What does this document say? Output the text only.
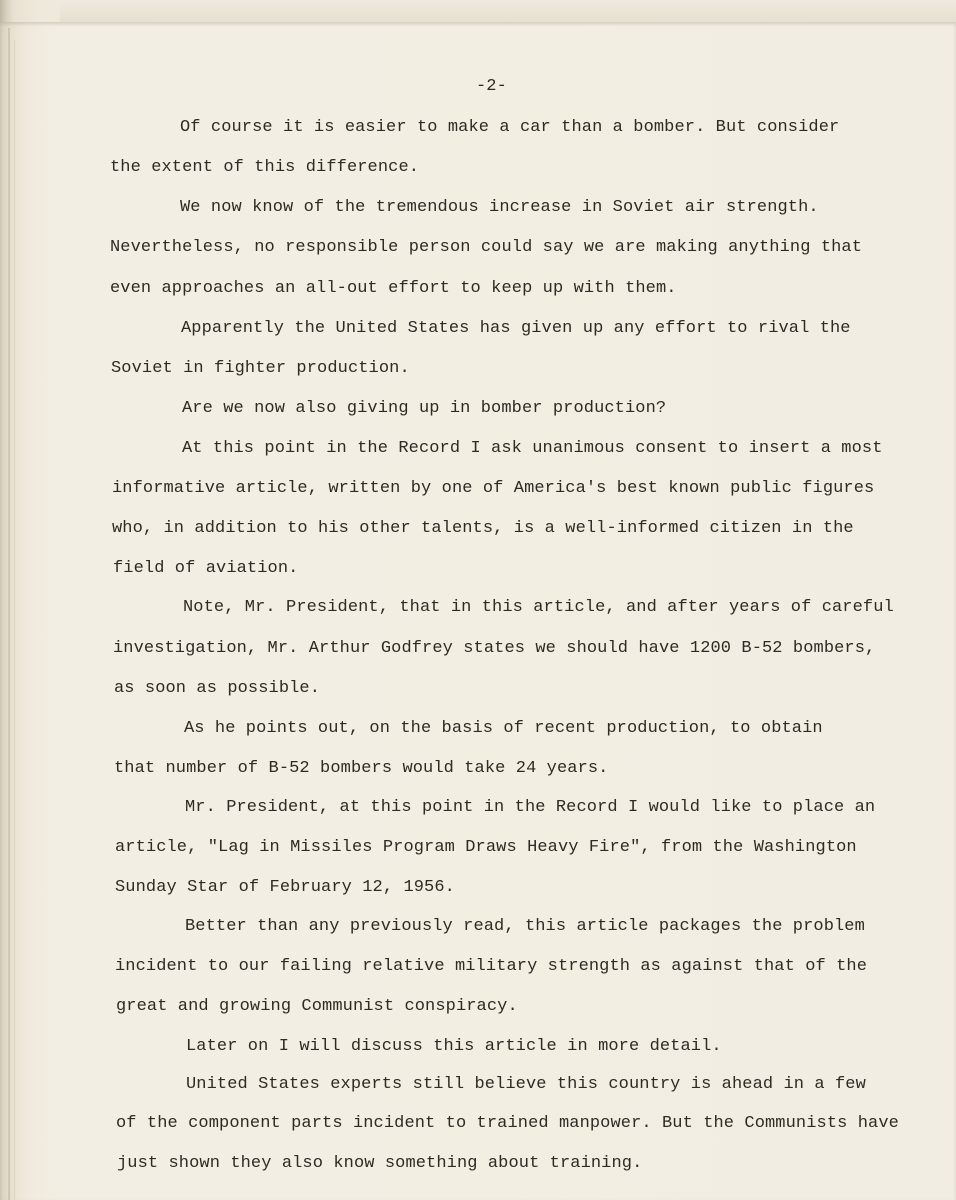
-2-
Of course it is easier to make a car than a bomber. But consider
the extent of this difference.
We now know of the tremendous increase in Soviet air strength.
Nevertheless, no responsible person could say we are making anything that
even approaches an all-out effort to keep up with them.
Apparently the United States has given up any effort to rival the
Soviet in fighter production.
Are we now also giving up in bomber production?
At this point in the Record I ask unanimous consent to insert a most
informative article, written by one of America's best known public figures
who, in addition to his other talents, is a well-informed citizen in the
field of aviation.
Note, Mr. President, that in this article, and after years of careful
investigation, Mr. Arthur Godfrey states we should have 1200 B-52 bombers,
as soon as possible.
As he points out, on the basis of recent production, to obtain
that number of B-52 bombers would take 24 years.
Mr. President, at this point in the Record I would like to place an
article, "Lag in Missiles Program Draws Heavy Fire", from the Washington
Sunday Star of February 12, 1956.
Better than any previously read, this article packages the problem
incident to our failing relative military strength as against that of the
great and growing Communist conspiracy.
Later on I will discuss this article in more detail.
United States experts still believe this country is ahead in a few
of the component parts incident to trained manpower. But the Communists have
just shown they also know something about training.
